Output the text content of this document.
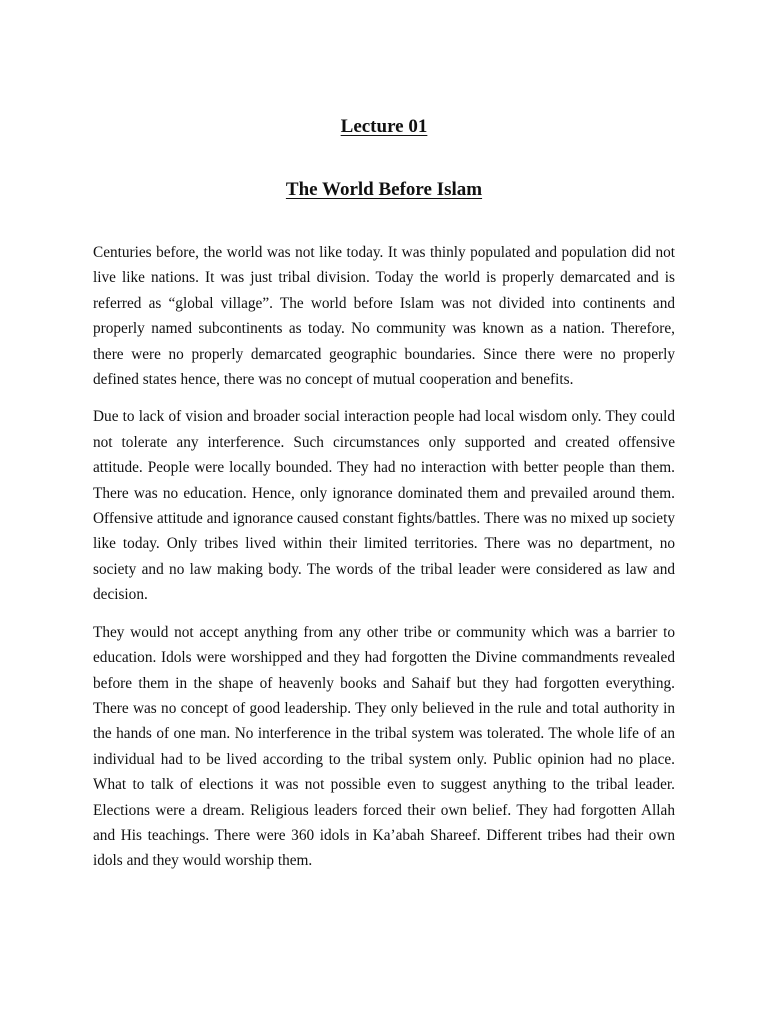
Lecture 01
The World Before Islam

Centuries before, the world was not like today. It was thinly populated and population did not live like nations. It was just tribal division. Today the world is properly demarcated and is referred as “global village”. The world before Islam was not divided into continents and properly named subcontinents as today. No community was known as a nation. Therefore, there were no properly demarcated geographic boundaries. Since there were no properly defined states hence, there was no concept of mutual cooperation and benefits.

Due to lack of vision and broader social interaction people had local wisdom only. They could not tolerate any interference. Such circumstances only supported and created offensive attitude. People were locally bounded. They had no interaction with better people than them. There was no education. Hence, only ignorance dominated them and prevailed around them. Offensive attitude and ignorance caused constant fights/battles. There was no mixed up society like today. Only tribes lived within their limited territories. There was no department, no society and no law making body. The words of the tribal leader were considered as law and decision.

They would not accept anything from any other tribe or community which was a barrier to education. Idols were worshipped and they had forgotten the Divine commandments revealed before them in the shape of heavenly books and Sahaif but they had forgotten everything. There was no concept of good leadership. They only believed in the rule and total authority in the hands of one man. No interference in the tribal system was tolerated. The whole life of an individual had to be lived according to the tribal system only. Public opinion had no place. What to talk of elections it was not possible even to suggest anything to the tribal leader. Elections were a dream. Religious leaders forced their own belief. They had forgotten Allah and His teachings. There were 360 idols in Ka’abah Shareef. Different tribes had their own idols and they would worship them.
